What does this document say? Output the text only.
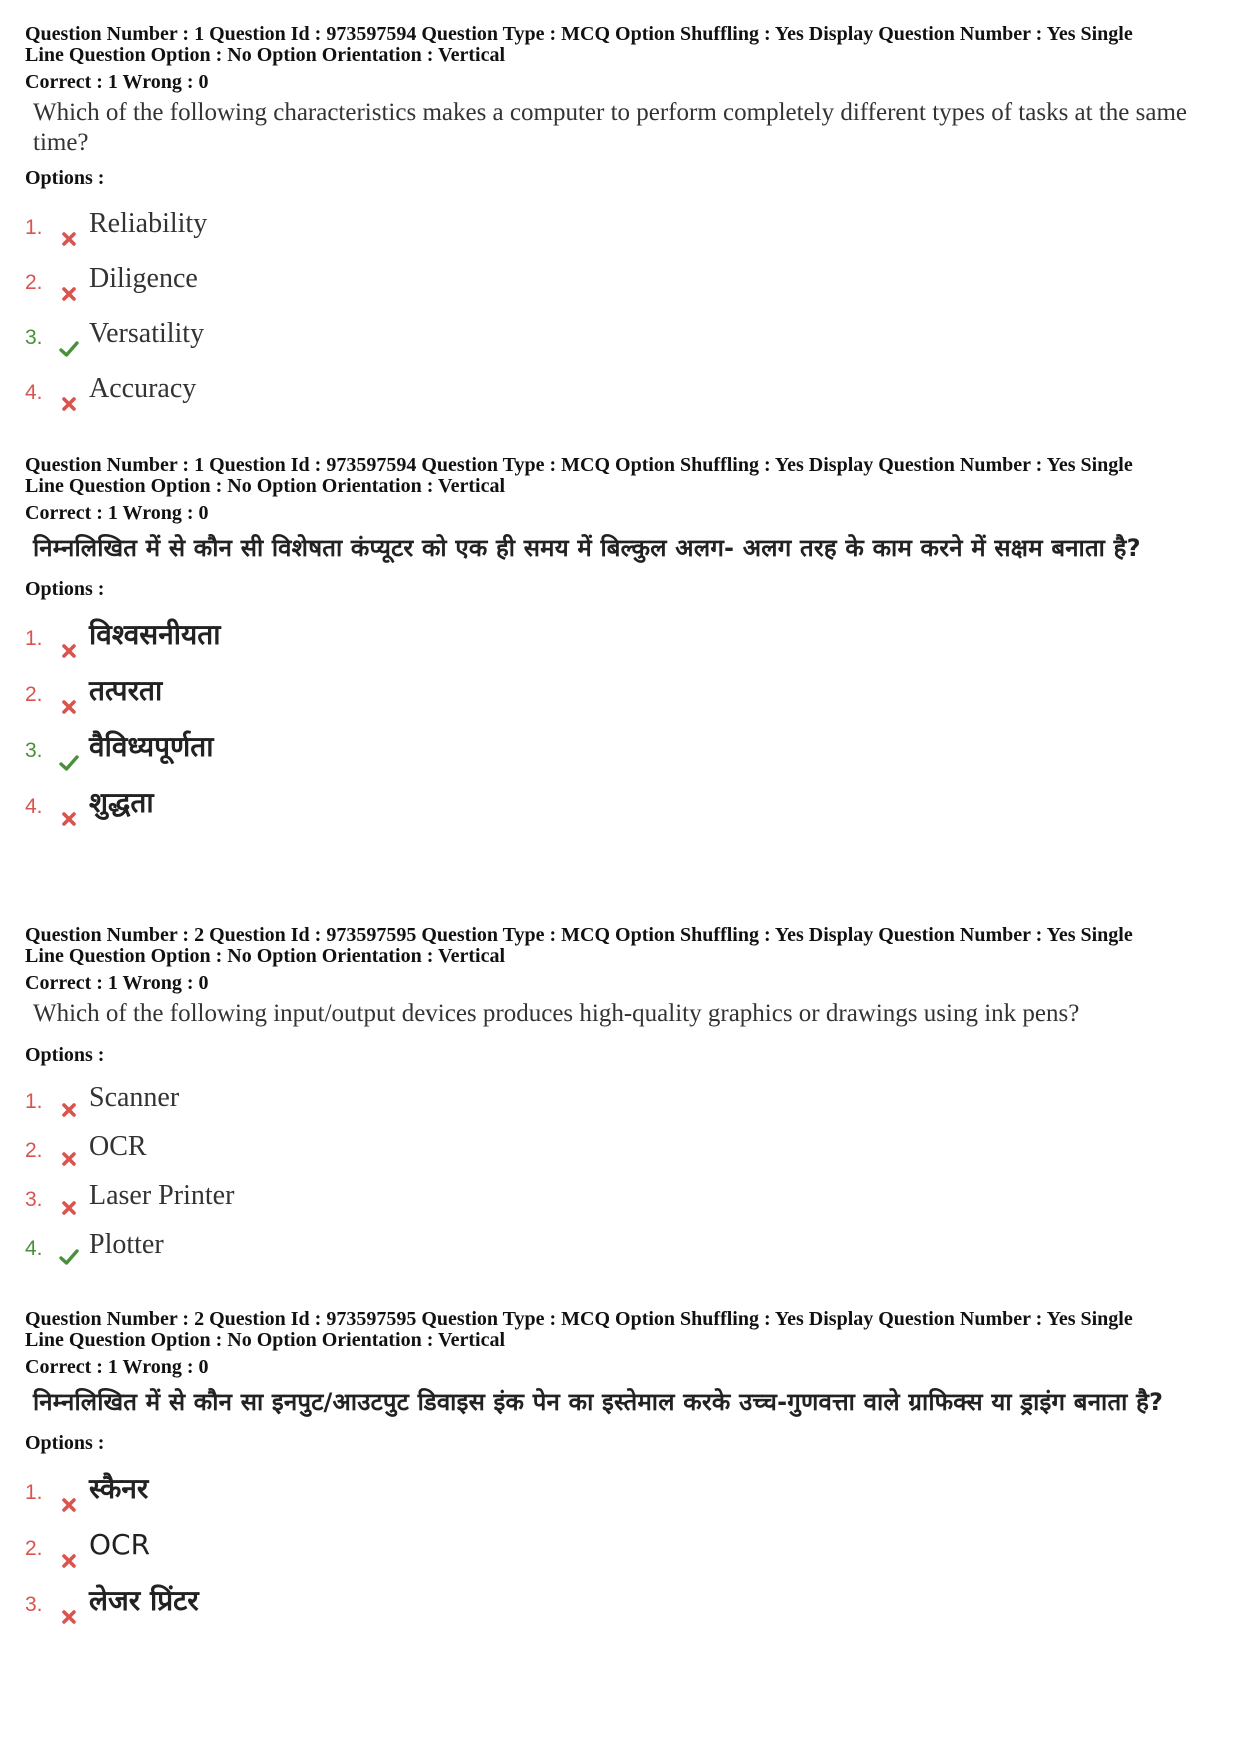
Question Number : 1 Question Id : 973597594 Question Type : MCQ Option Shuffling : Yes Display Question Number : Yes Single
Line Question Option : No Option Orientation : Vertical
Correct : 1 Wrong : 0
Which of the following characteristics makes a computer to perform completely different types of tasks at the same time?
Options :
1.	Reliability
2.	Diligence
3.	Versatility
4.	Accuracy
Question Number : 1 Question Id : 973597594 Question Type : MCQ Option Shuffling : Yes Display Question Number : Yes Single
Line Question Option : No Option Orientation : Vertical
Correct : 1 Wrong : 0
निम्नलिखित में से कौन सी विशेषता कंप्यूटर को एक ही समय में बिल्कुल अलग- अलग तरह के काम करने में सक्षम बनाता है?
Options :
1.	विश्वसनीयता
2.	तत्परता
3.	वैविध्यपूर्णता
4.	शुद्धता
Question Number : 2 Question Id : 973597595 Question Type : MCQ Option Shuffling : Yes Display Question Number : Yes Single
Line Question Option : No Option Orientation : Vertical
Correct : 1 Wrong : 0
Which of the following input/output devices produces high-quality graphics or drawings using ink pens?
Options :
1.	Scanner
2.	OCR
3.	Laser Printer
4.	Plotter
Question Number : 2 Question Id : 973597595 Question Type : MCQ Option Shuffling : Yes Display Question Number : Yes Single
Line Question Option : No Option Orientation : Vertical
Correct : 1 Wrong : 0
निम्नलिखित में से कौन सा इनपुट/आउटपुट डिवाइस इंक पेन का इस्तेमाल करके उच्च-गुणवत्ता वाले ग्राफिक्स या ड्राइंग बनाता है?
Options :
1.	स्कैनर
2.	OCR
3.	लेजर प्रिंटर
